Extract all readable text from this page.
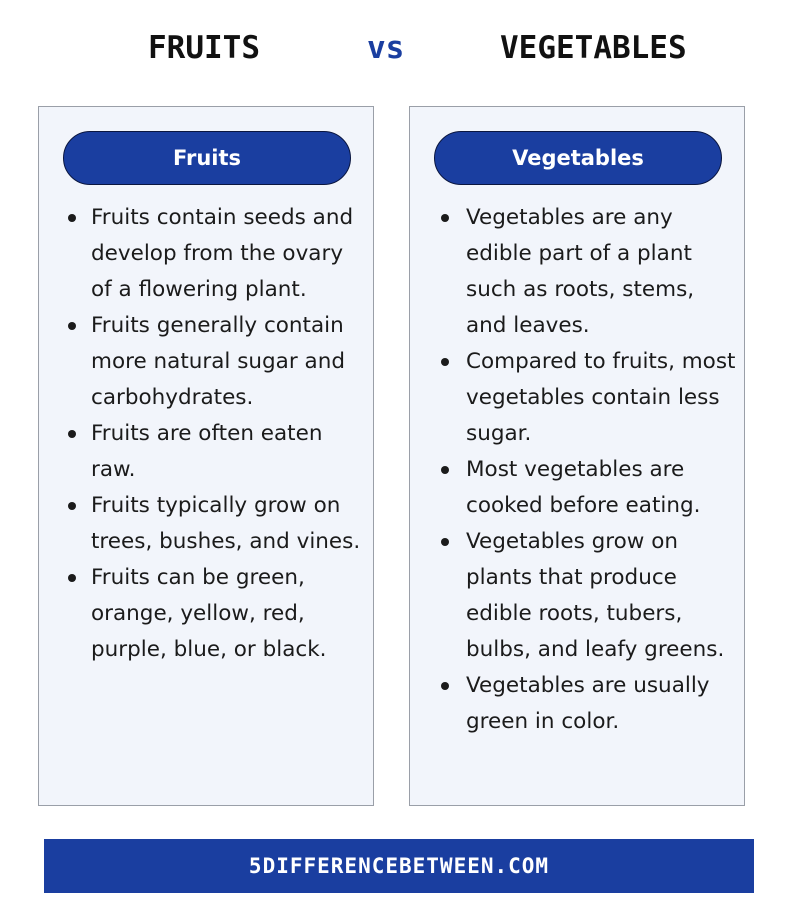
FRUITS	vs	VEGETABLES
Fruits
Fruits contain seeds and develop from the ovary of a flowering plant.
Fruits generally contain more natural sugar and carbohydrates.
Fruits are often eaten raw.
Fruits typically grow on trees, bushes, and vines.
Fruits can be green, orange, yellow, red, purple, blue, or black.
Vegetables
Vegetables are any edible part of a plant such as roots, stems, and leaves.
Compared to fruits, most vegetables contain less sugar.
Most vegetables are cooked before eating.
Vegetables grow on plants that produce edible roots, tubers, bulbs, and leafy greens.
Vegetables are usually green in color.
5DIFFERENCEBETWEEN.COM
